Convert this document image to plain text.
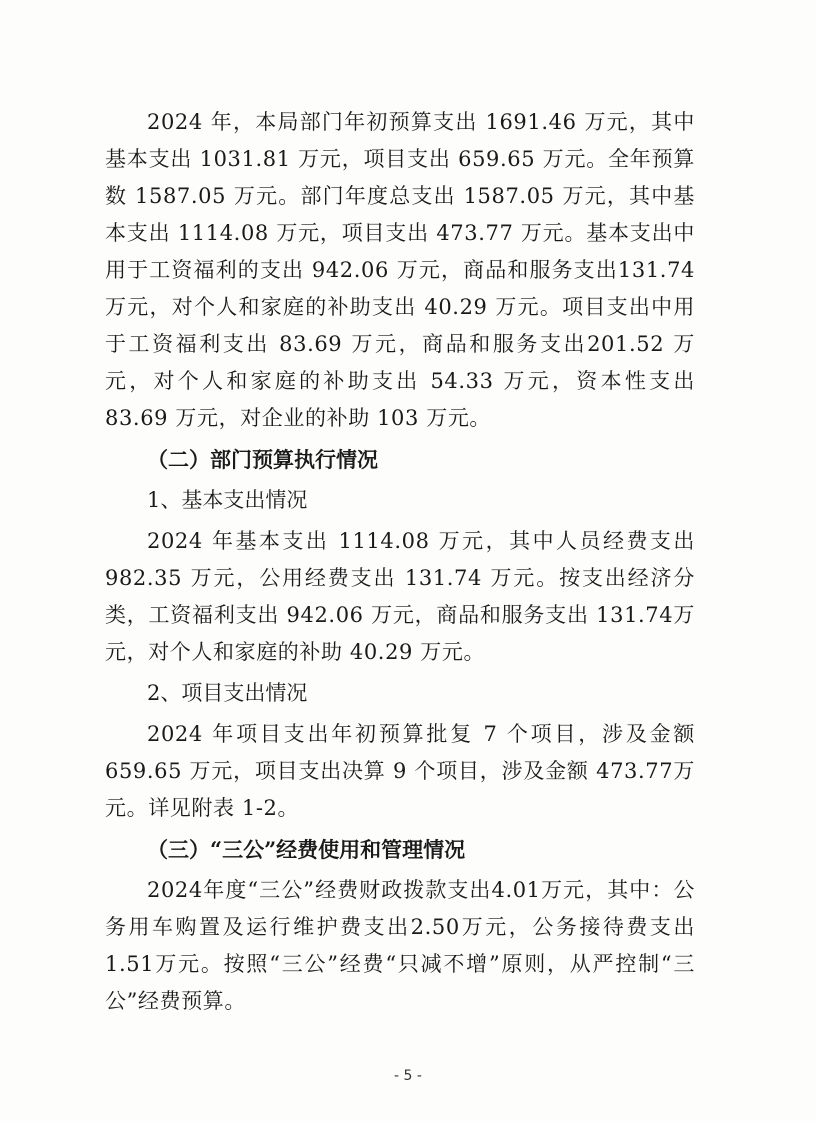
2024 年，本局部门年初预算支出 1691.46 万元，其中基本支出 1031.81 万元，项目支出 659.65 万元。全年预算数 1587.05 万元。部门年度总支出 1587.05 万元，其中基本支出 1114.08 万元，项目支出 473.77 万元。基本支出中用于工资福利的支出 942.06 万元，商品和服务支出131.74 万元，对个人和家庭的补助支出 40.29 万元。项目支出中用于工资福利支出 83.69 万元，商品和服务支出201.52 万元，对个人和家庭的补助支出 54.33 万元，资本性支出 83.69 万元，对企业的补助 103 万元。

（二）部门预算执行情况

1、基本支出情况

2024 年基本支出 1114.08 万元，其中人员经费支出982.35 万元，公用经费支出 131.74 万元。按支出经济分类，工资福利支出 942.06 万元，商品和服务支出 131.74万元，对个人和家庭的补助 40.29 万元。

2、项目支出情况

2024 年项目支出年初预算批复 7 个项目，涉及金额659.65 万元，项目支出决算 9 个项目，涉及金额 473.77万元。详见附表 1-2。

（三）“三公”经费使用和管理情况

2024年度“三公”经费财政拨款支出4.01万元，其中：公务用车购置及运行维护费支出2.50万元，公务接待费支出1.51万元。按照“三公”经费“只减不增”原则，从严控制“三公”经费预算。

- 5 -
